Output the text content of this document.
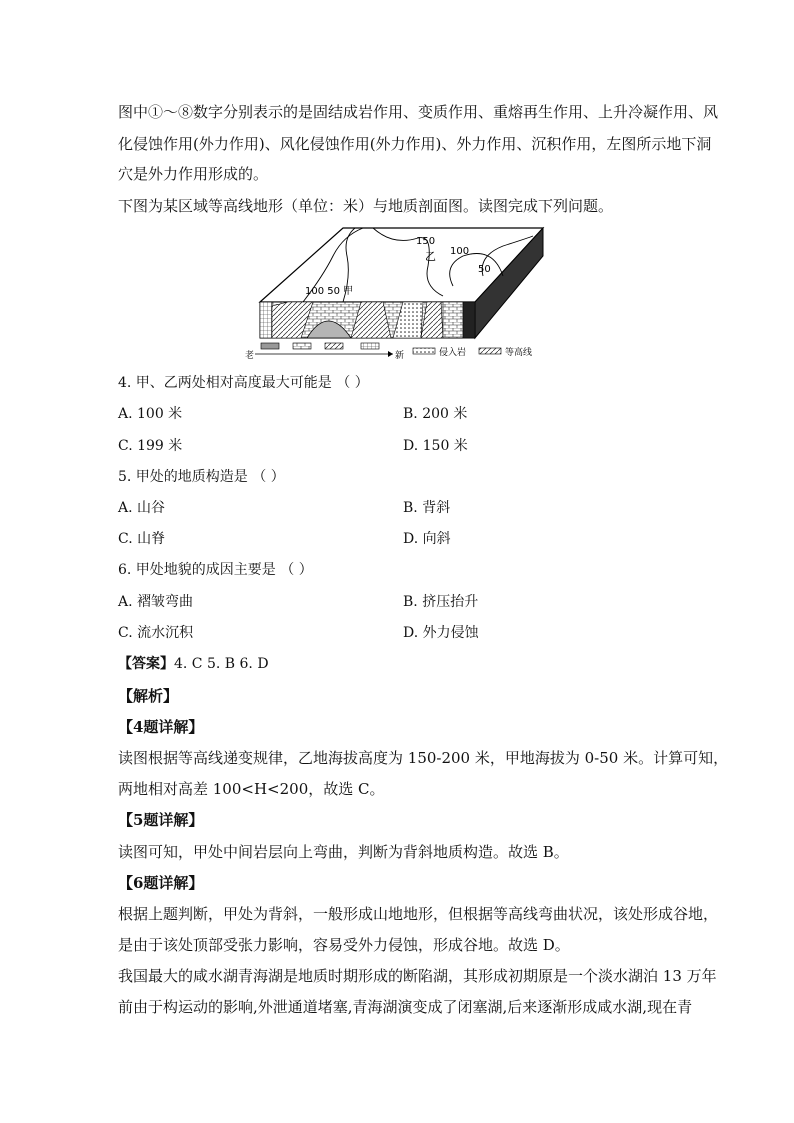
图中①～⑧数字分别表示的是固结成岩作用、变质作用、重熔再生作用、上升冷凝作用、风
化侵蚀作用(外力作用)、风化侵蚀作用(外力作用)、外力作用、沉积作用，左图所示地下洞
穴是外力作用形成的。
下图为某区域等高线地形（单位：米）与地质剖面图。读图完成下列问题。
乙
150
100
50
100 50 甲
老	新	侵入岩	等高线
4. 甲、乙两处相对高度最大可能是 （ ）
A. 100 米	B. 200 米
C. 199 米	D. 150 米
5. 甲处的地质构造是 （ ）
A. 山谷	B. 背斜
C. 山脊	D. 向斜
6. 甲处地貌的成因主要是 （ ）
A. 褶皱弯曲	B. 挤压抬升
C. 流水沉积	D. 外力侵蚀
【答案】4. C 5. B 6. D
【解析】
【4题详解】
读图根据等高线递变规律，乙地海拔高度为 150-200 米，甲地海拔为 0-50 米。计算可知，
两地相对高差 100<H<200，故选 C。
【5题详解】
读图可知，甲处中间岩层向上弯曲，判断为背斜地质构造。故选 B。
【6题详解】
根据上题判断，甲处为背斜，一般形成山地地形，但根据等高线弯曲状况，该处形成谷地，
是由于该处顶部受张力影响，容易受外力侵蚀，形成谷地。故选 D。
我国最大的咸水湖青海湖是地质时期形成的断陷湖，其形成初期原是一个淡水湖泊 13 万年
前由于构运动的影响,外泄通道堵塞,青海湖演变成了闭塞湖,后来逐渐形成咸水湖,现在青
